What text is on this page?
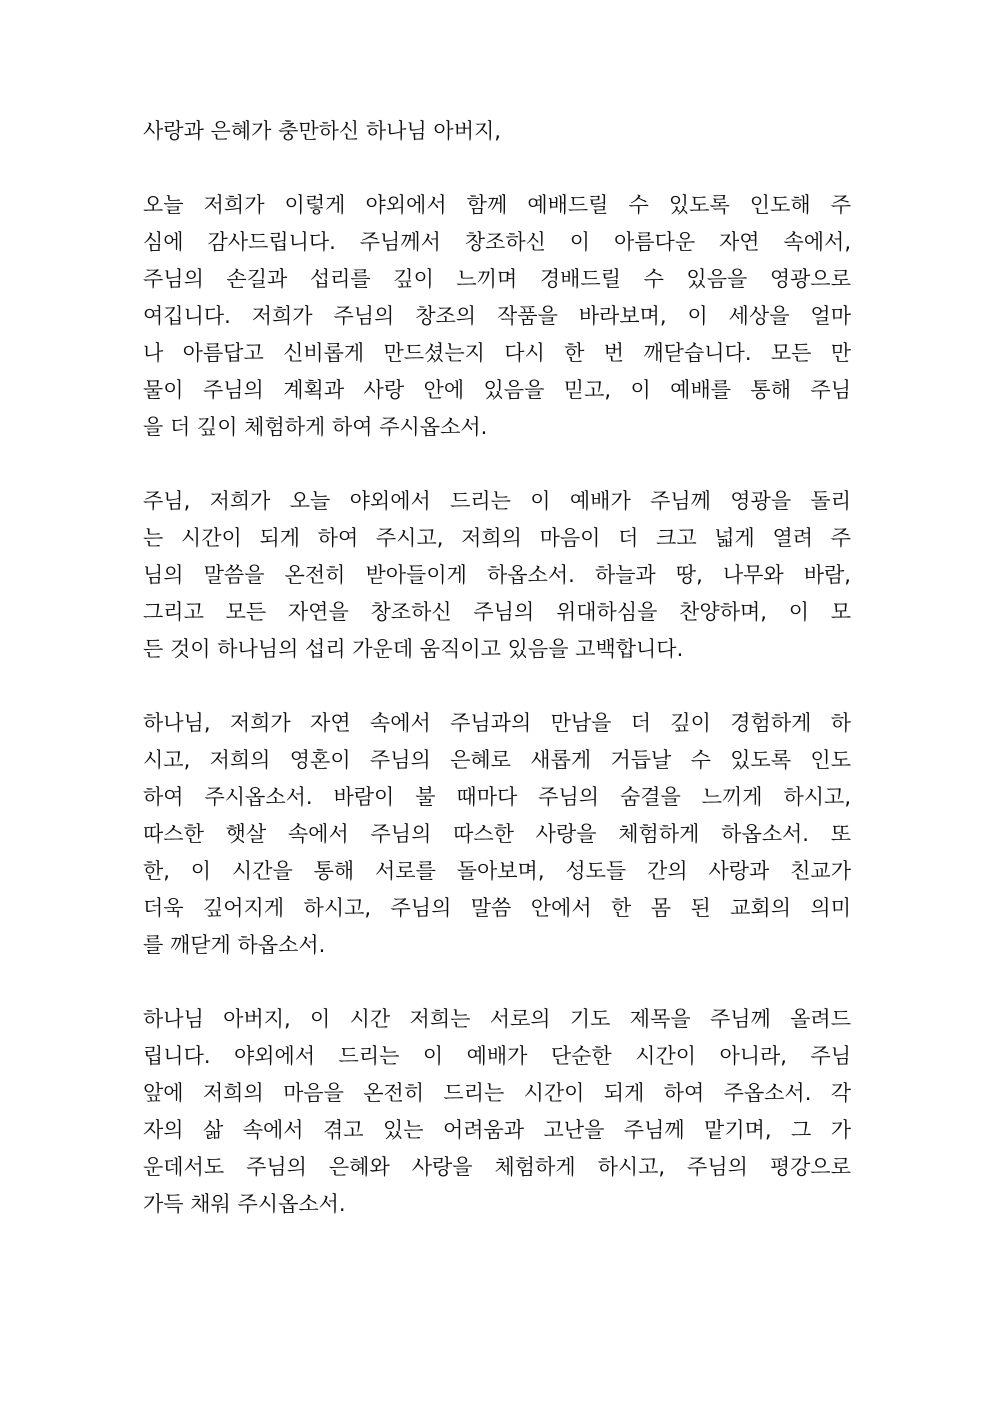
사랑과 은혜가 충만하신 하나님 아버지,
오늘 저희가 이렇게 야외에서 함께 예배드릴 수 있도록 인도해 주
심에 감사드립니다. 주님께서 창조하신 이 아름다운 자연 속에서,
주님의 손길과 섭리를 깊이 느끼며 경배드릴 수 있음을 영광으로
여깁니다. 저희가 주님의 창조의 작품을 바라보며, 이 세상을 얼마
나 아름답고 신비롭게 만드셨는지 다시 한 번 깨닫습니다. 모든 만
물이 주님의 계획과 사랑 안에 있음을 믿고, 이 예배를 통해 주님
을 더 깊이 체험하게 하여 주시옵소서.
주님, 저희가 오늘 야외에서 드리는 이 예배가 주님께 영광을 돌리
는 시간이 되게 하여 주시고, 저희의 마음이 더 크고 넓게 열려 주
님의 말씀을 온전히 받아들이게 하옵소서. 하늘과 땅, 나무와 바람,
그리고 모든 자연을 창조하신 주님의 위대하심을 찬양하며, 이 모
든 것이 하나님의 섭리 가운데 움직이고 있음을 고백합니다.
하나님, 저희가 자연 속에서 주님과의 만남을 더 깊이 경험하게 하
시고, 저희의 영혼이 주님의 은혜로 새롭게 거듭날 수 있도록 인도
하여 주시옵소서. 바람이 불 때마다 주님의 숨결을 느끼게 하시고,
따스한 햇살 속에서 주님의 따스한 사랑을 체험하게 하옵소서. 또
한, 이 시간을 통해 서로를 돌아보며, 성도들 간의 사랑과 친교가
더욱 깊어지게 하시고, 주님의 말씀 안에서 한 몸 된 교회의 의미
를 깨닫게 하옵소서.
하나님 아버지, 이 시간 저희는 서로의 기도 제목을 주님께 올려드
립니다. 야외에서 드리는 이 예배가 단순한 시간이 아니라, 주님
앞에 저희의 마음을 온전히 드리는 시간이 되게 하여 주옵소서. 각
자의 삶 속에서 겪고 있는 어려움과 고난을 주님께 맡기며, 그 가
운데서도 주님의 은혜와 사랑을 체험하게 하시고, 주님의 평강으로
가득 채워 주시옵소서.
